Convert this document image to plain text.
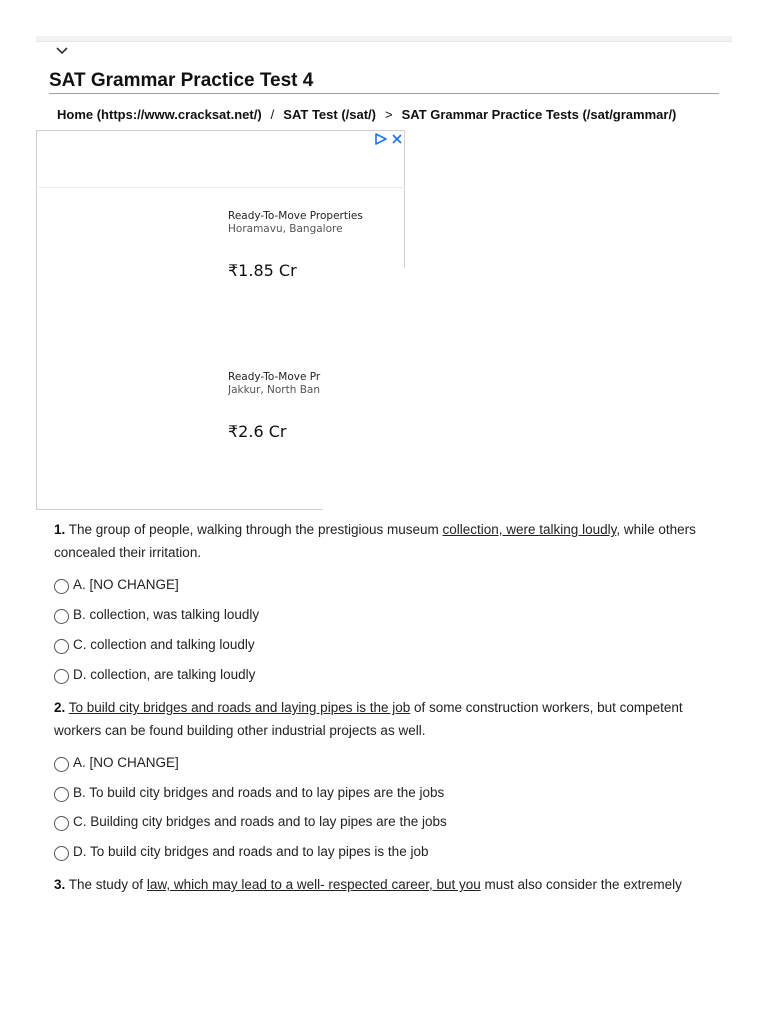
SAT Grammar Practice Test 4
Home (https://www.cracksat.net/) / SAT Test (/sat/) > SAT Grammar Practice Tests (/sat/grammar/)
Ready-To-Move Properties
Horamavu, Bangalore
₹1.85 Cr
Ready-To-Move Pr
Jakkur, North Ban
₹2.6 Cr
1. The group of people, walking through the prestigious museum collection, were talking loudly, while others concealed their irritation.
A. [NO CHANGE]
B. collection, was talking loudly
C. collection and talking loudly
D. collection, are talking loudly
2. To build city bridges and roads and laying pipes is the job of some construction workers, but competent workers can be found building other industrial projects as well.
A. [NO CHANGE]
B. To build city bridges and roads and to lay pipes are the jobs
C. Building city bridges and roads and to lay pipes are the jobs
D. To build city bridges and roads and to lay pipes is the job
3. The study of law, which may lead to a well- respected career, but you must also consider the extremely
